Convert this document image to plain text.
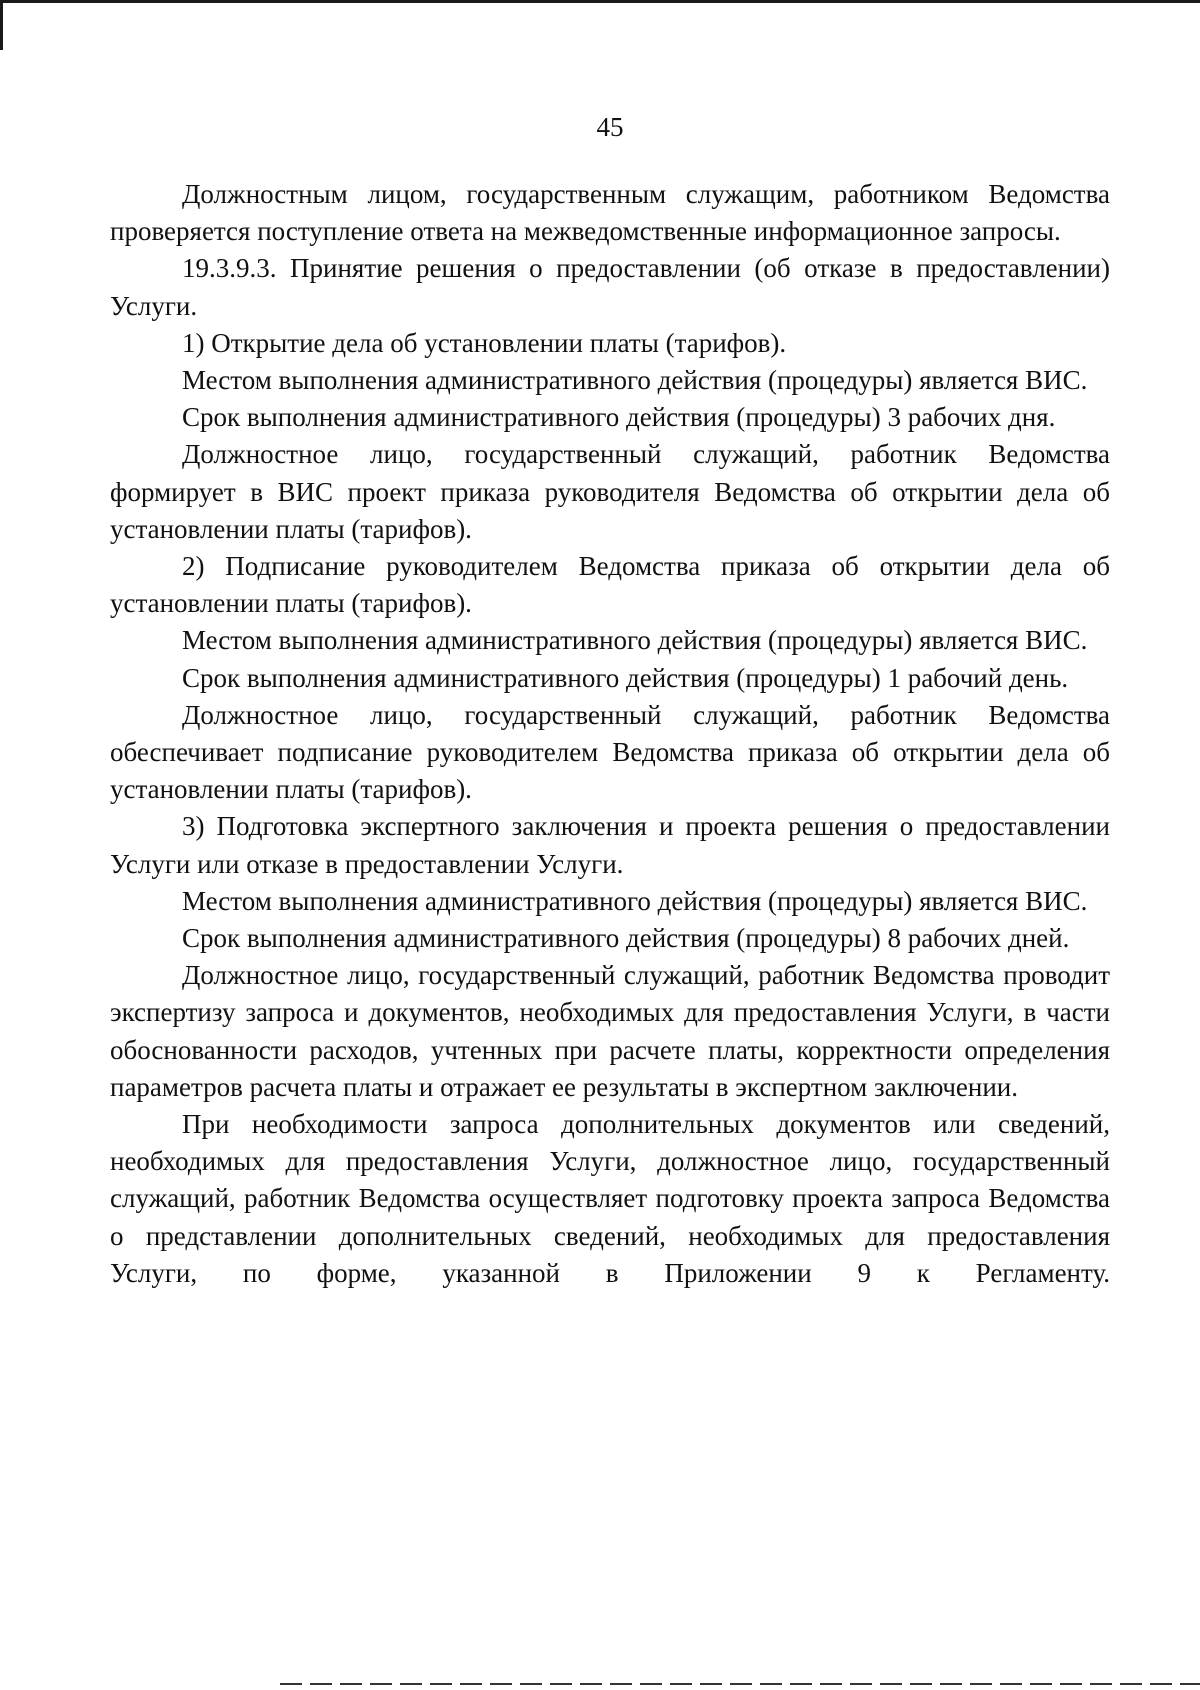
45

Должностным лицом, государственным служащим, работником Ведомства проверяется поступление ответа на межведомственные информационное запросы.

19.3.9.3. Принятие решения о предоставлении (об отказе в предоставлении) Услуги.

1) Открытие дела об установлении платы (тарифов).

Местом выполнения административного действия (процедуры) является ВИС.

Срок выполнения административного действия (процедуры) 3 рабочих дня.

Должностное лицо, государственный служащий, работник Ведомства формирует в ВИС проект приказа руководителя Ведомства об открытии дела об установлении платы (тарифов).

2) Подписание руководителем Ведомства приказа об открытии дела об установлении платы (тарифов).

Местом выполнения административного действия (процедуры) является ВИС.

Срок выполнения административного действия (процедуры) 1 рабочий день.

Должностное лицо, государственный служащий, работник Ведомства обеспечивает подписание руководителем Ведомства приказа об открытии дела об установлении платы (тарифов).

3) Подготовка экспертного заключения и проекта решения о предоставлении Услуги или отказе в предоставлении Услуги.

Местом выполнения административного действия (процедуры) является ВИС.

Срок выполнения административного действия (процедуры) 8 рабочих дней.

Должностное лицо, государственный служащий, работник Ведомства проводит экспертизу запроса и документов, необходимых для предоставления Услуги, в части обоснованности расходов, учтенных при расчете платы, корректности определения параметров расчета платы и отражает ее результаты в экспертном заключении.

При необходимости запроса дополнительных документов или сведений, необходимых для предоставления Услуги, должностное лицо, государственный служащий, работник Ведомства осуществляет подготовку проекта запроса Ведомства о представлении дополнительных сведений, необходимых для предоставления Услуги, по форме, указанной в Приложении 9 к Регламенту.
